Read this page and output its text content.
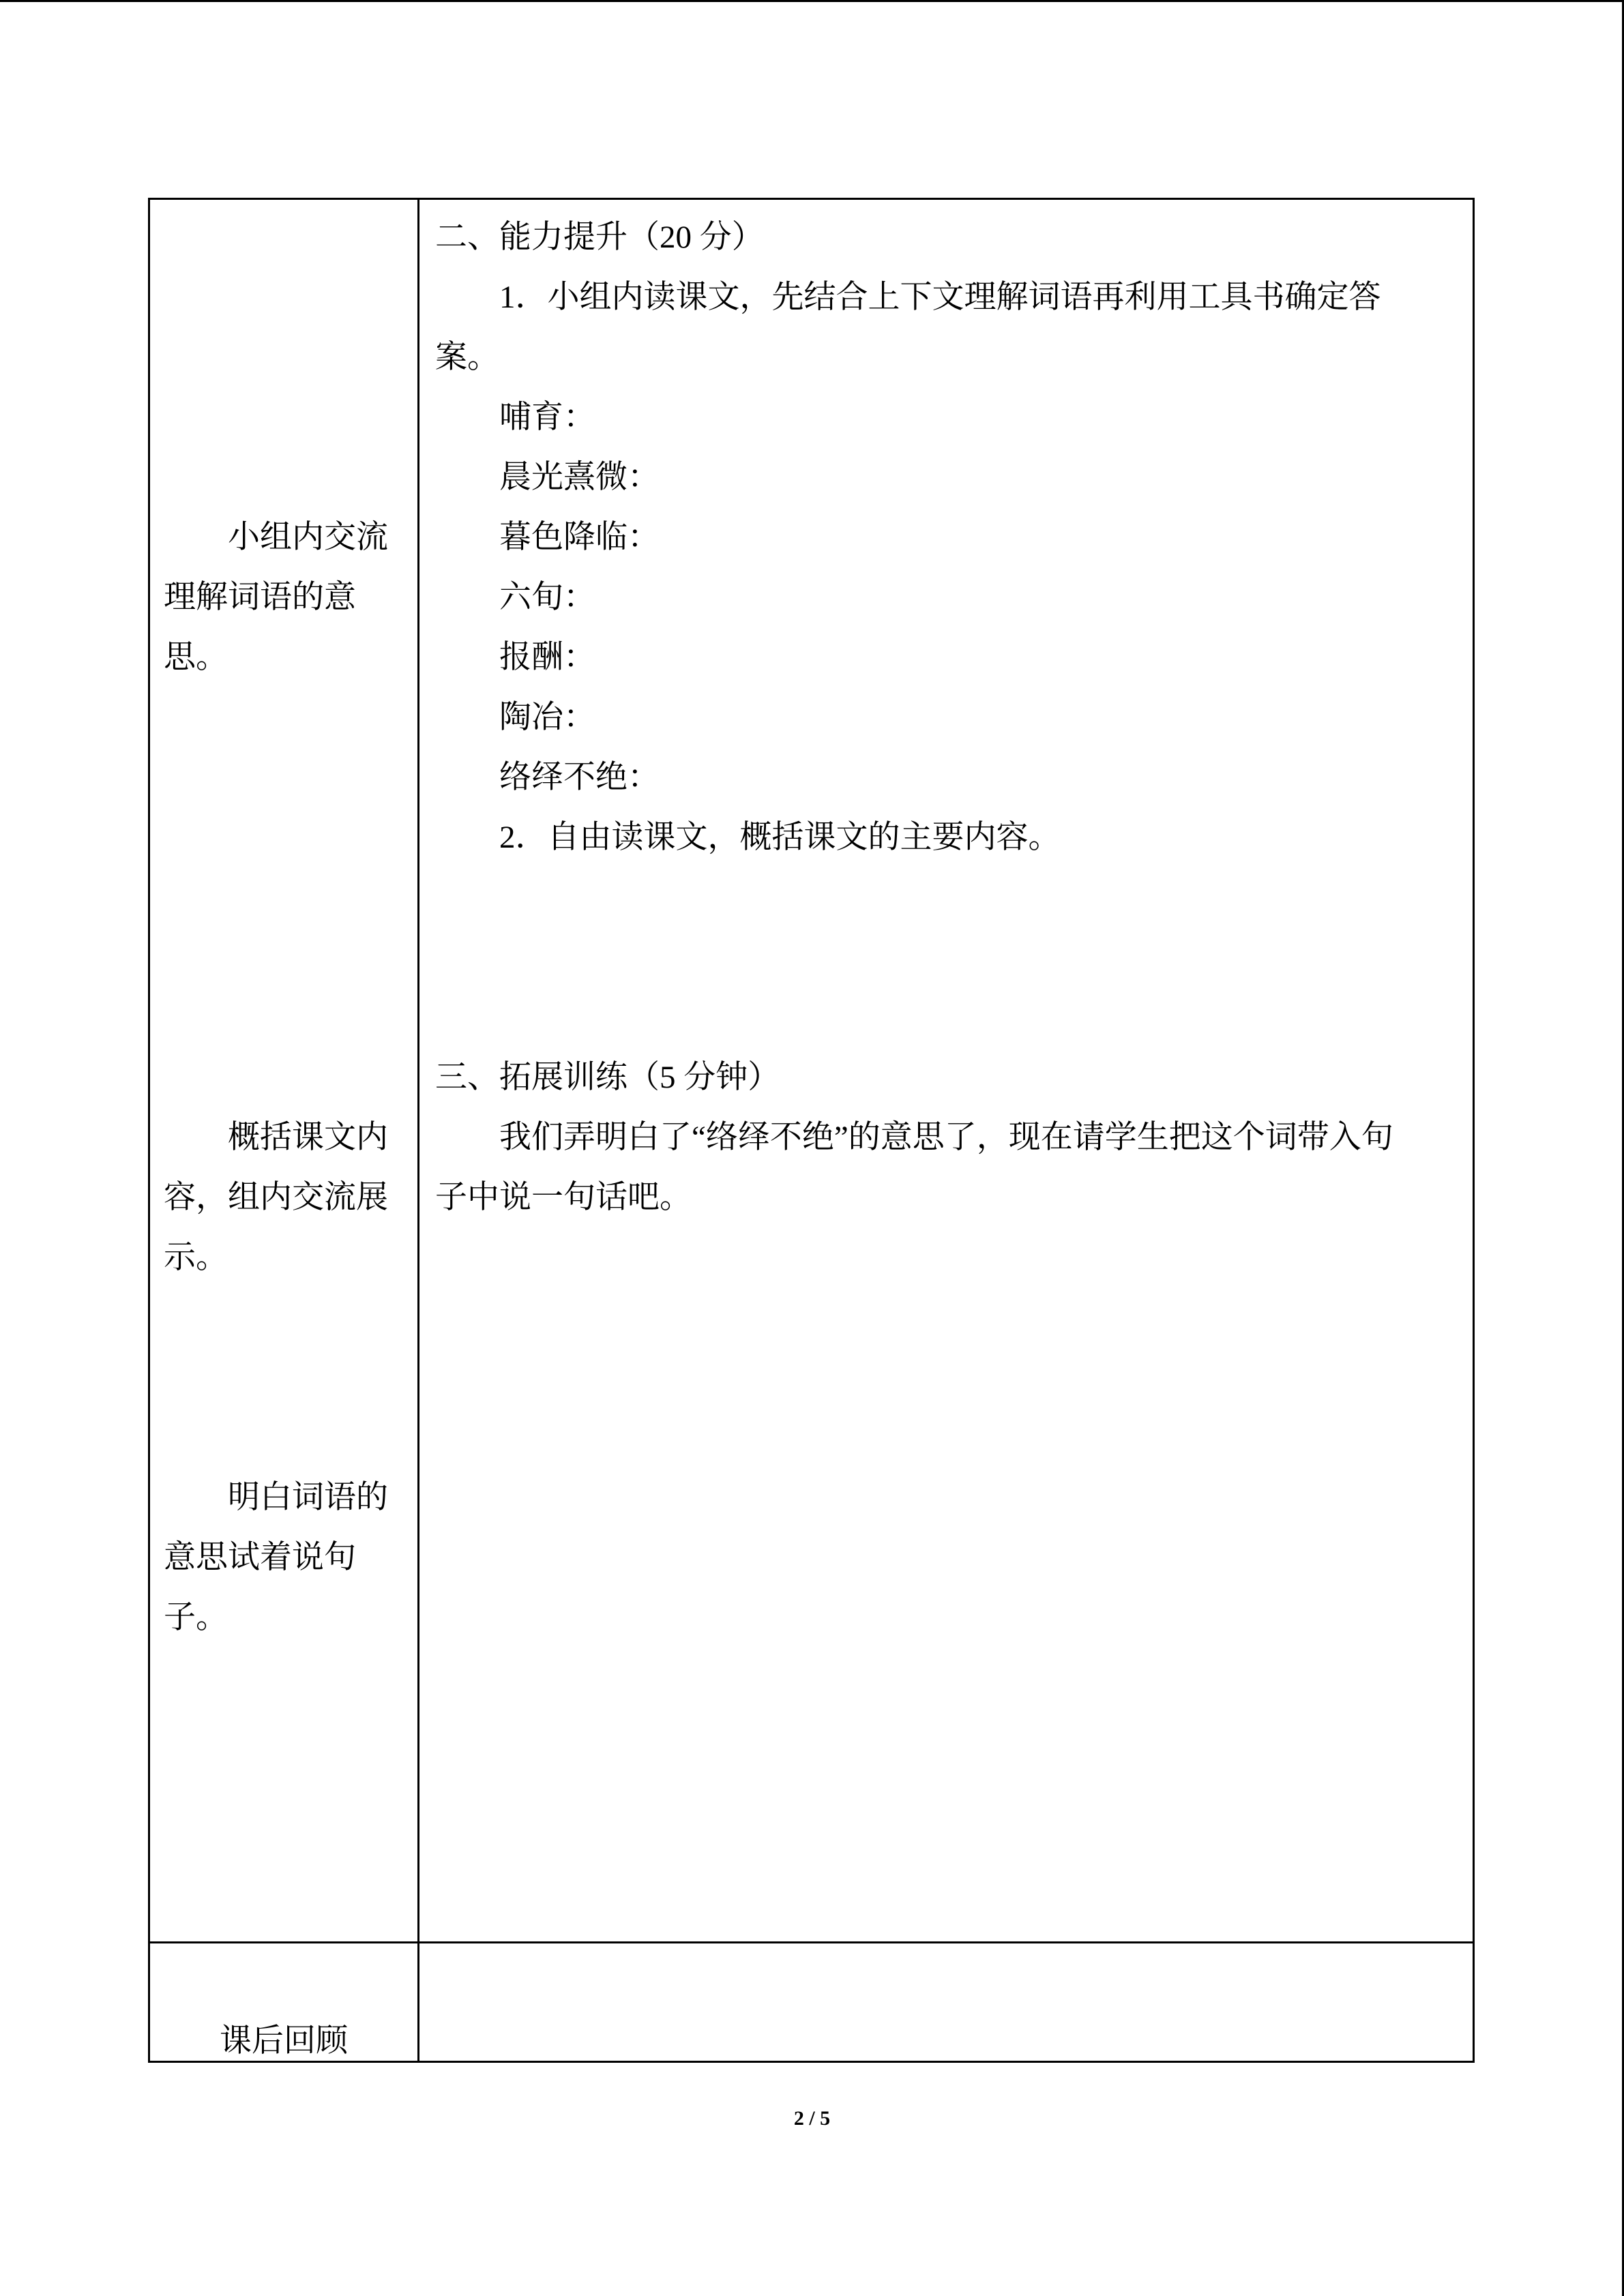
小组内交流
理解词语的意
思。
概括课文内
容，组内交流展
示。
明白词语的
意思试着说句
子。
二、能力提升（20 分）
1．小组内读课文，先结合上下文理解词语再利用工具书确定答
案。
哺育：
晨光熹微：
暮色降临：
六旬：
报酬：
陶冶：
络绎不绝：
2．自由读课文，概括课文的主要内容。
三、拓展训练（5 分钟）
我们弄明白了“络绎不绝”的意思了，现在请学生把这个词带入句
子中说一句话吧。
课后回顾
2 / 5
